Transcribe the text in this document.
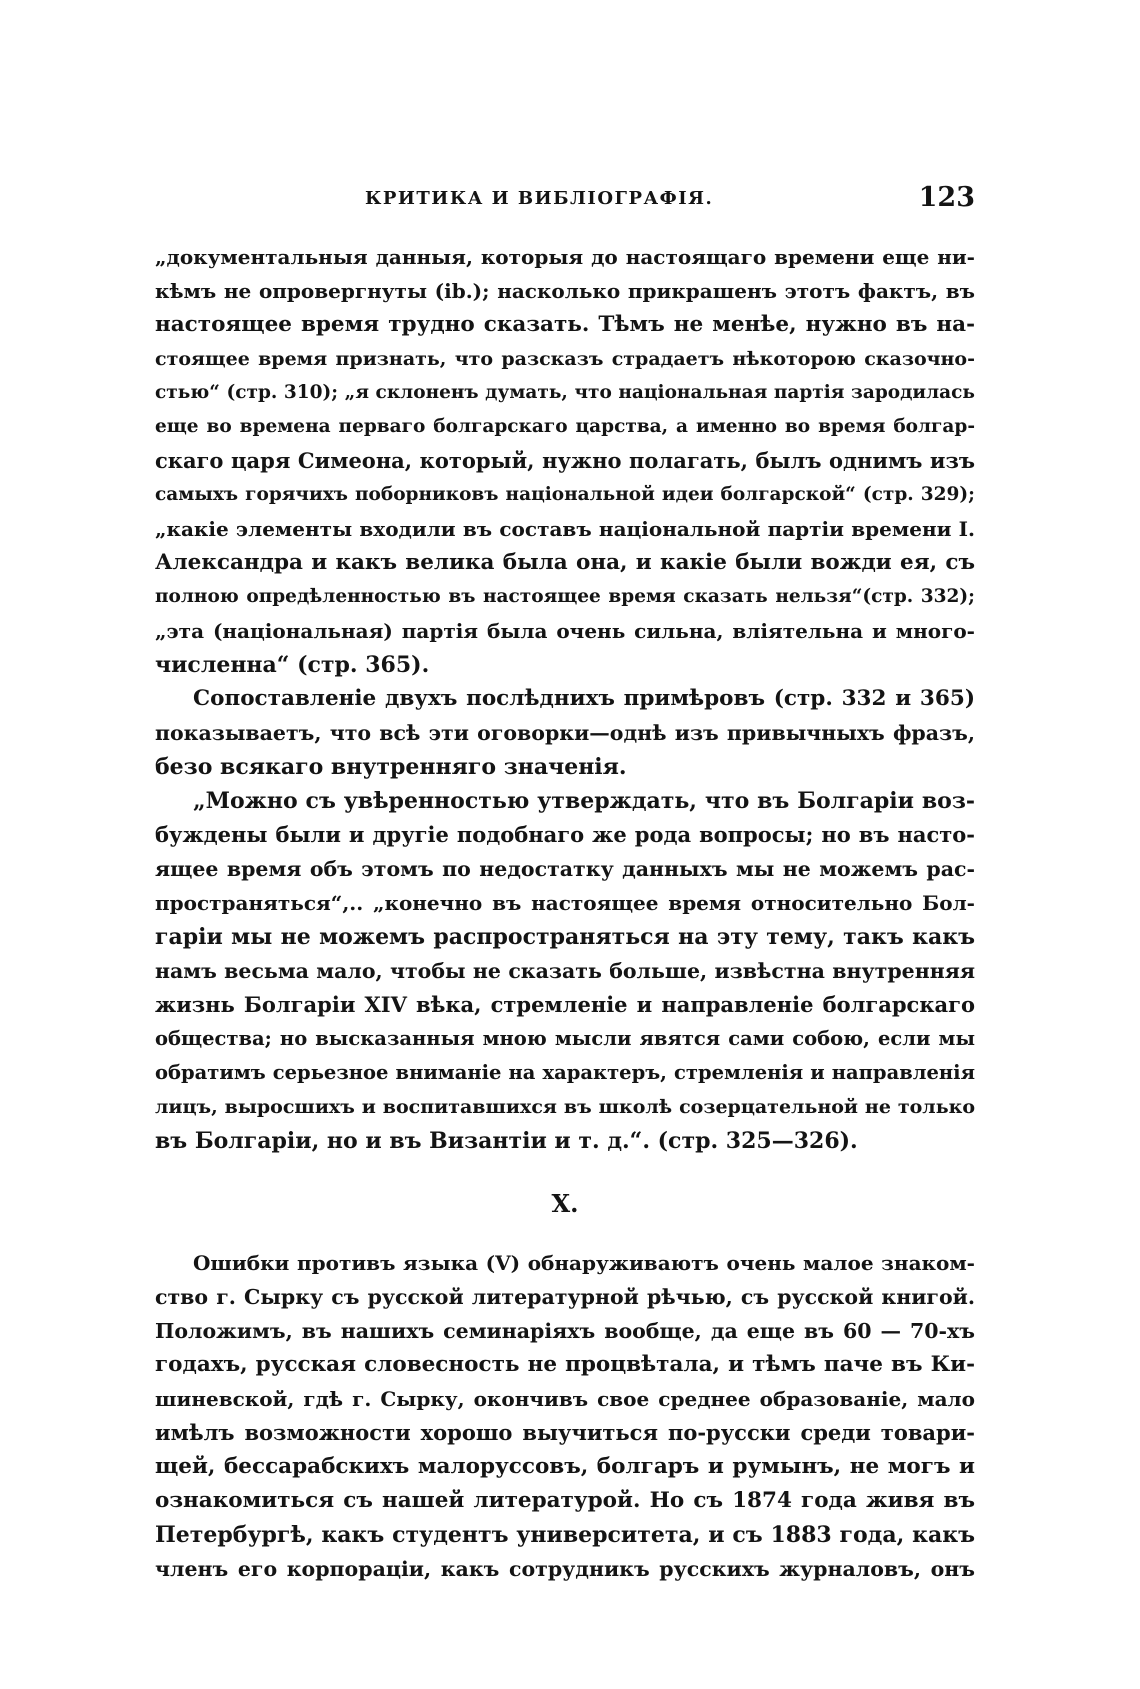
КРИТИКА И ВИБЛІОГРАФІЯ.	123
„документальныя данныя, которыя до настоящаго времени еще ни-
кѣмъ не опровергнуты (ib.); насколько прикрашенъ этотъ фактъ, въ
настоящее время трудно сказать. Тѣмъ не менѣе, нужно въ на-
стоящее время признать, что разсказъ страдаетъ нѣкоторою сказочно-
стью“ (стр. 310); „я склоненъ думать, что національная партія зародилась
еще во времена перваго болгарскаго царства, а именно во время болгар-
скаго царя Симеона, который, нужно полагать, былъ однимъ изъ
самыхъ горячихъ поборниковъ національной идеи болгарской“ (стр. 329);
„какіе элементы входили въ составъ національной партіи времени I.
Александра и какъ велика была она, и какіе были вожди ея, съ
полною опредѣленностью въ настоящее время сказать нельзя“(стр. 332);
„эта (національная) партія была очень сильна, вліятельна и много-
численна“ (стр. 365).
Сопоставленіе двухъ послѣднихъ примѣровъ (стр. 332 и 365)
показываетъ, что всѣ эти оговорки—однѣ изъ привычныхъ фразъ,
безо всякаго внутренняго значенія.
„Можно съ увѣренностью утверждать, что въ Болгаріи воз-
буждены были и другіе подобнаго же рода вопросы; но въ насто-
ящее время объ этомъ по недостатку данныхъ мы не можемъ рас-
пространяться“,.. „конечно въ настоящее время относительно Бол-
гаріи мы не можемъ распространяться на эту тему, такъ какъ
намъ весьма мало, чтобы не сказать больше, извѣстна внутренняя
жизнь Болгаріи XIV вѣка, стремленіе и направленіе болгарскаго
общества; но высказанныя мною мысли явятся сами собою, если мы
обратимъ серьезное вниманіе на характеръ, стремленія и направленія
лицъ, выросшихъ и воспитавшихся въ школѣ созерцательной не только
въ Болгаріи, но и въ Византіи и т. д.“. (стр. 325—326).
X.
Ошибки противъ языка (V) обнаруживаютъ очень малое знаком-
ство г. Сырку съ русской литературной рѣчью, съ русской книгой.
Положимъ, въ нашихъ семинаріяхъ вообще, да еще въ 60 — 70-хъ
годахъ, русская словесность не процвѣтала, и тѣмъ паче въ Ки-
шиневской, гдѣ г. Сырку, окончивъ свое среднее образованіе, мало
имѣлъ возможности хорошо выучиться по-русски среди товари-
щей, бессарабскихъ малоруссовъ, болгаръ и румынъ, не могъ и
ознакомиться съ нашей литературой. Но съ 1874 года живя въ
Петербургѣ, какъ студентъ университета, и съ 1883 года, какъ
членъ его корпораціи, какъ сотрудникъ русскихъ журналовъ, онъ
